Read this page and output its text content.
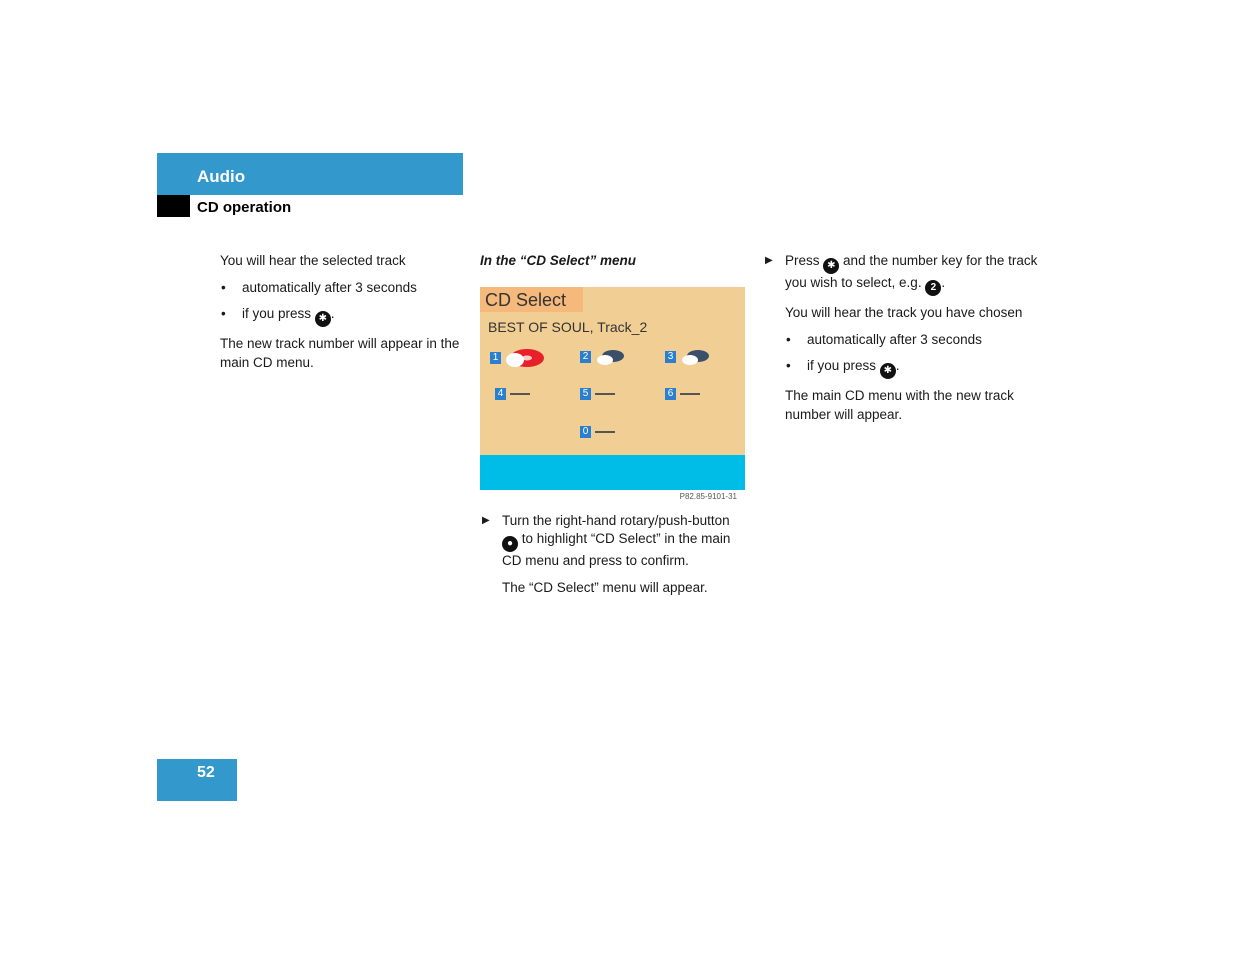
Audio
CD operation

You will hear the selected track

• automatically after 3 seconds
• if you press ✱ .

The new track number will appear in the main CD menu.

In the “CD Select” menu

CD Select
BEST OF SOUL, Track_2
1	2	3
4	5	6
0
P82.85-9101-31
▶ Turn the right-hand rotary/push-button ● to highlight “CD Select” in the main CD menu and press to confirm.

The “CD Select” menu will appear.

▶ Press ✱ and the number key for the track you wish to select, e.g. 2 .

You will hear the track you have chosen

• automatically after 3 seconds
• if you press ✱ .

The main CD menu with the new track number will appear.

52
